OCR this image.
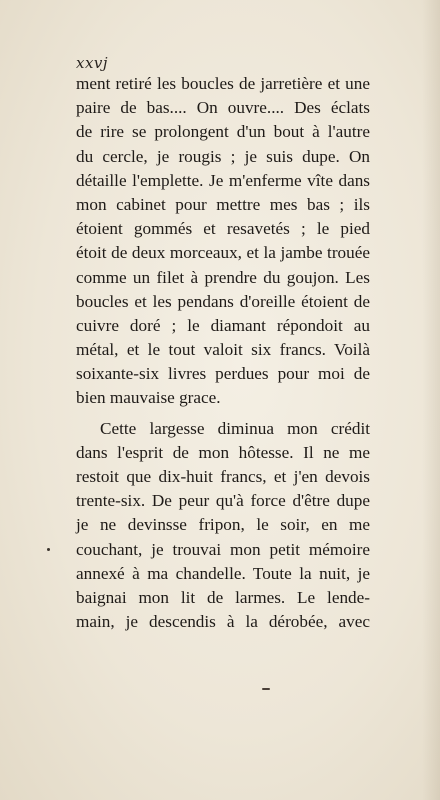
xxvj
ment retiré les boucles de jarretière et une
paire de bas.... On ouvre.... Des éclats
de rire se prolongent d'un bout à l'autre
du cercle, je rougis ; je suis dupe. On
détaille l'emplette. Je m'enferme vîte dans
mon cabinet pour mettre mes bas ; ils
étoient gommés et resavetés ; le pied
étoit de deux morceaux, et la jambe trouée
comme un filet à prendre du goujon. Les
boucles et les pendans d'oreille étoient de
cuivre doré ; le diamant répondoit au
métal, et le tout valoit six francs. Voilà
soixante-six livres perdues pour moi de
bien mauvaise grace.
Cette largesse diminua mon crédit
dans l'esprit de mon hôtesse. Il ne me
restoit que dix-huit francs, et j'en devois
trente-six. De peur qu'à force d'être dupe
je ne devinsse fripon, le soir, en me
couchant, je trouvai mon petit mémoire
annexé à ma chandelle. Toute la nuit, je
baignai mon lit de larmes. Le lende-
main, je descendis à la dérobée, avec
